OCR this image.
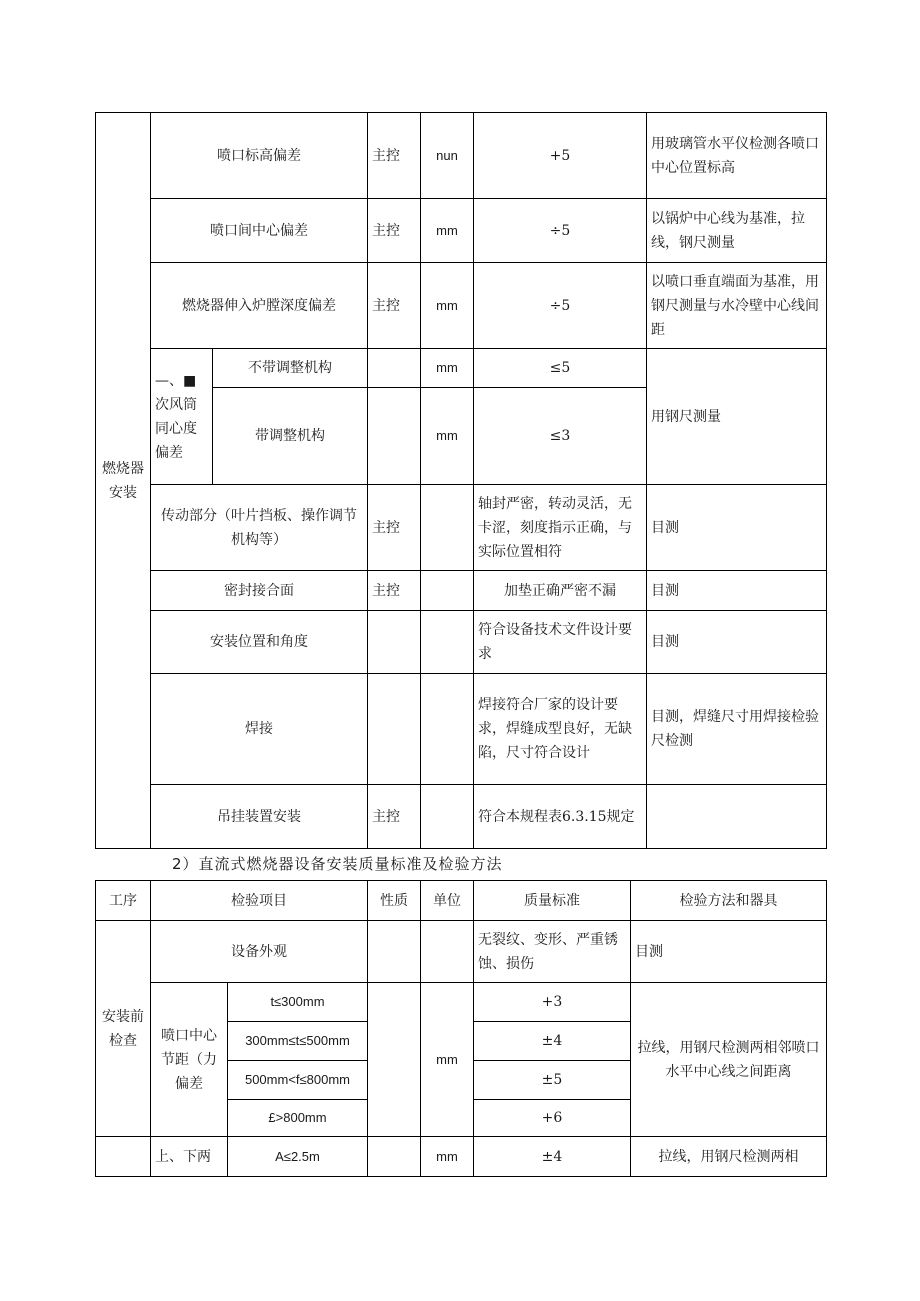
燃烧器安装	喷口标高偏差		主控	nun	+5	用玻璃管水平仪检测各喷口中心位置标高
	喷口间中心偏差		主控	mm	÷5	以锅炉中心线为基准，拉线，钢尺测量
	燃烧器伸入炉膛深度偏差		主控	mm	÷5	以喷口垂直端面为基准，用钢尺测量与水冷壁中心线间距
	—、■次风筒同心度偏差	不带调整机构		mm	≤5	用钢尺测量
		带调整机构		mm	≤3	
	传动部分（叶片挡板、操作调节机构等）		主控		轴封严密，转动灵活，无卡涩，刻度指示正确，与实际位置相符	目测
	密封接合面		主控		加垫正确严密不漏	目测
	安装位置和角度				符合设备技术文件设计要求	目测
	焊接				焊接符合厂家的设计要求，焊缝成型良好，无缺陷，尺寸符合设计	目测，焊缝尺寸用焊接检验尺检测
	吊挂装置安装		主控		符合本规程表6.3.15规定	
2）直流式燃烧器设备安装质量标准及检验方法
工序	检验项目		性质	单位	质量标准	检验方法和器具
安装前检查	设备外观				无裂纹、变形、严重锈蚀、损伤	目测
	喷口中心节距（力偏差	t≤300mm		mm	+3	拉线，用钢尺检测两相邻喷口水平中心线之间距离
		300mm≤t≤500mm			±4	
		500mm<f≤800mm			±5	
		£>800mm			+6	
	上、下两	A≤2.5m		mm	±4	拉线，用钢尺检测两相
